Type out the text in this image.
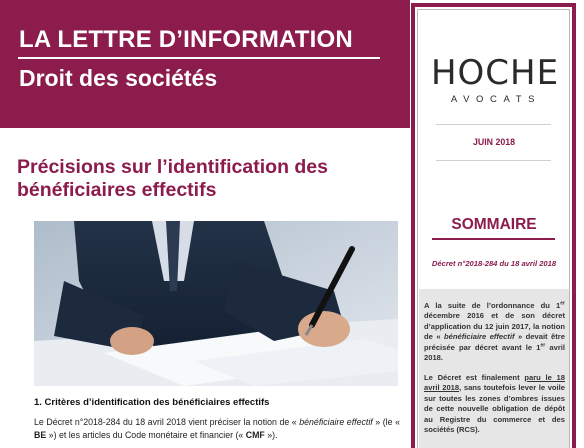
LA LETTRE D’INFORMATION
Droit des sociétés
Précisions sur l’identification des bénéficiaires effectifs
1. Critères d’identification des bénéficiaires effectifs
Le Décret n°2018-284 du 18 avril 2018 vient préciser la notion de « bénéficiaire effectif » (le « BE ») et les articles du Code monétaire et financier (« CMF »).
HOCHE
AVOCATS
JUIN 2018
SOMMAIRE
Décret n°2018-284 du 18 avril 2018
A la suite de l’ordonnance du 1er décembre 2016 et de son décret d’application du 12 juin 2017, la notion de « bénéficiaire effectif » devait être précisée par décret avant le 1er avril 2018.
Le Décret est finalement paru le 18 avril 2018, sans toutefois lever le voile sur toutes les zones d’ombres issues de cette nouvelle obligation de dépôt au Registre du commerce et des sociétés (RCS).
